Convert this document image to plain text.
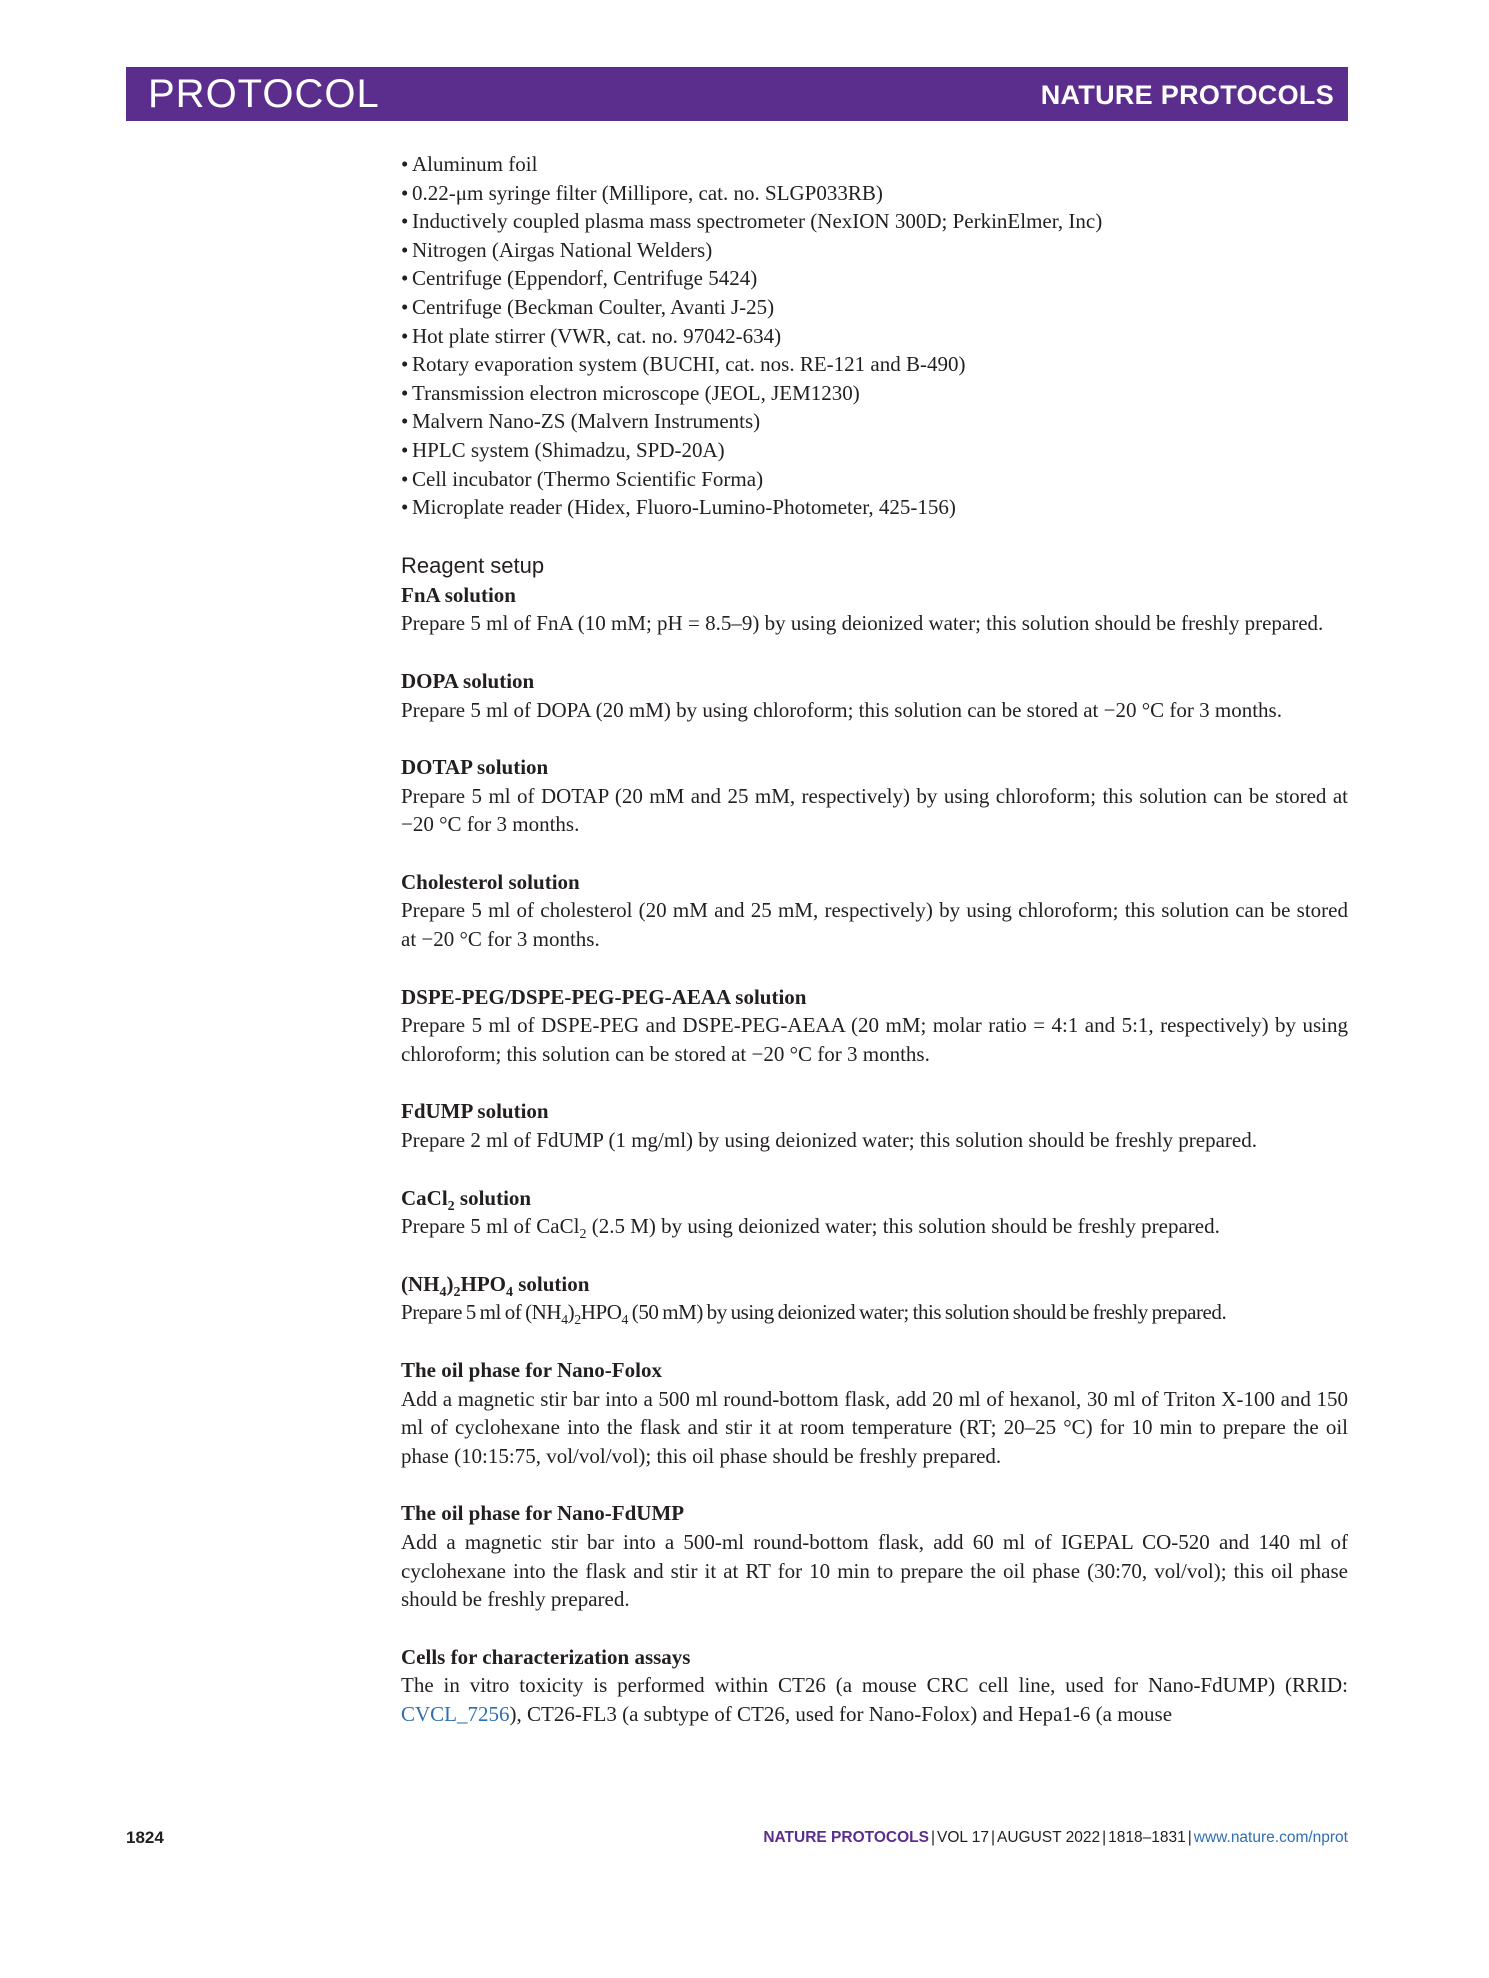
PROTOCOL	NATURE PROTOCOLS
• Aluminum foil
• 0.22-μm syringe filter (Millipore, cat. no. SLGP033RB)
• Inductively coupled plasma mass spectrometer (NexION 300D; PerkinElmer, Inc)
• Nitrogen (Airgas National Welders)
• Centrifuge (Eppendorf, Centrifuge 5424)
• Centrifuge (Beckman Coulter, Avanti J-25)
• Hot plate stirrer (VWR, cat. no. 97042-634)
• Rotary evaporation system (BUCHI, cat. nos. RE-121 and B-490)
• Transmission electron microscope (JEOL, JEM1230)
• Malvern Nano-ZS (Malvern Instruments)
• HPLC system (Shimadzu, SPD-20A)
• Cell incubator (Thermo Scientific Forma)
• Microplate reader (Hidex, Fluoro-Lumino-Photometer, 425-156)
Reagent setup
FnA solution

Prepare 5 ml of FnA (10 mM; pH = 8.5–9) by using deionized water; this solution should be freshly prepared.

DOPA solution

Prepare 5 ml of DOPA (20 mM) by using chloroform; this solution can be stored at −20 °C for 3 months.

DOTAP solution

Prepare 5 ml of DOTAP (20 mM and 25 mM, respectively) by using chloroform; this solution can be stored at −20 °C for 3 months.

Cholesterol solution

Prepare 5 ml of cholesterol (20 mM and 25 mM, respectively) by using chloroform; this solution can be stored at −20 °C for 3 months.

DSPE-PEG/DSPE-PEG-PEG-AEAA solution

Prepare 5 ml of DSPE-PEG and DSPE-PEG-AEAA (20 mM; molar ratio = 4:1 and 5:1, respectively) by using chloroform; this solution can be stored at −20 °C for 3 months.

FdUMP solution

Prepare 2 ml of FdUMP (1 mg/ml) by using deionized water; this solution should be freshly prepared.

CaCl$_2$ solution

Prepare 5 ml of CaCl$_2$ (2.5 M) by using deionized water; this solution should be freshly prepared.

$(NH_4)_2HPO_4$ solution

Prepare 5 ml of $(NH_4)_2HPO_4$ (50 mM) by using deionized water; this solution should be freshly prepared.

The oil phase for Nano-Folox

Add a magnetic stir bar into a 500 ml round-bottom flask, add 20 ml of hexanol, 30 ml of Triton X-100 and 150 ml of cyclohexane into the flask and stir it at room temperature (RT; 20–25 °C) for 10 min to prepare the oil phase (10:15:75, vol/vol/vol); this oil phase should be freshly prepared.

The oil phase for Nano-FdUMP

Add a magnetic stir bar into a 500-ml round-bottom flask, add 60 ml of IGEPAL CO-520 and 140 ml of cyclohexane into the flask and stir it at RT for 10 min to prepare the oil phase (30:70, vol/vol); this oil phase should be freshly prepared.

Cells for characterization assays

The in vitro toxicity is performed within CT26 (a mouse CRC cell line, used for Nano-FdUMP) (RRID: CVCL_7256), CT26-FL3 (a subtype of CT26, used for Nano-Folox) and Hepa1-6 (a mouse

1824	NATURE PROTOCOLS | VOL 17 | AUGUST 2022 | 1818–1831 | www.nature.com/nprot
